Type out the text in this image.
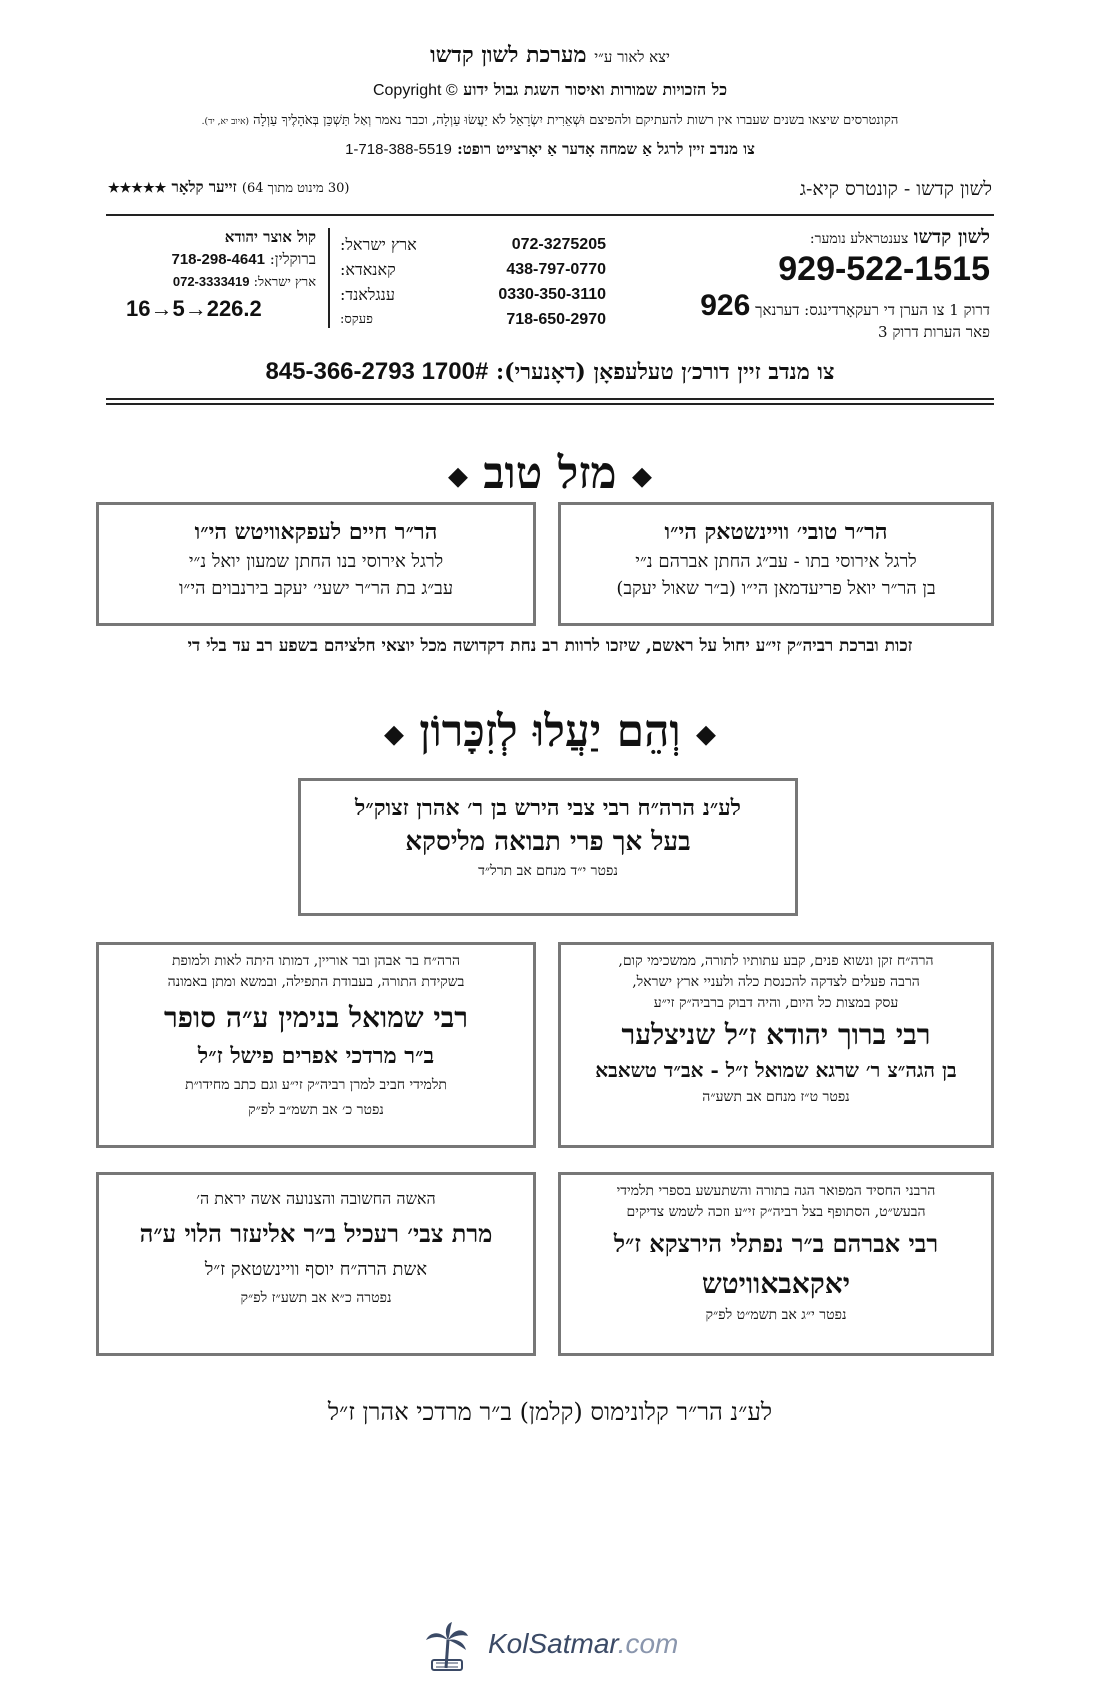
יצא לאור ע״י מערכת לשון קדשו
כל הזכויות שמורות ואיסור השגת גבול ידוע Copyright ©
הקונטרסים שיצאו בשנים שעברו אין רשות להעתיקם ולהפיצם וּשְׁאֵרִית יִשְׂרָאֵל לֹא יַעֲשׂוּ עַוְלָה, וכבר נאמר וְאַל תַּשְׁכֵּן בְּאֹהָלֶיךָ עַוְלָה (איוב יא, יד).
צו מנדב זיין לרגל אַ שמחה אָדער אַ יאָרצייט רופט: 1-718-388-5519
לשון קדשו - קונטרס קיא-ג
(30 מינוט מתוך 64) זייער קלאָר ★★★★★
לשון קדשו צענטראלע נומער:
929-522-1515
דרוק 1 צו הערן די רעקאָרדינגס: דערנאך 926
פאר הערות דרוק 3
ארץ ישראל:	072-3275205
קאנאדא:	438-797-0770
ענגלאנד:	0330-350-3110
פעקס:	718-650-2970
קול אוצר יהודא
ברוקלין: 718-298-4641
ארץ ישראל: 072-3333419
16→5→226.2
צו מנדב זיין דורכ׳ן טעלעפאָן (דאָנערי): 845-366-2793 1700#
◆ מזל טוב ◆
הר״ר טובי׳ וויינשטאק הי״ו
לרגל אירוסי בתו - עב״ג החתן אברהם נ״י
בן הר״ר יואל פריעדמאן הי״ו (ב״ר שאול יעקב)
הר״ר חיים לעפקאוויטש הי״ו
לרגל אירוסי בנו החתן שמעון יואל נ״י
עב״ג בת הר״ר ישעי׳ יעקב בירנבוים הי״ו
זכות וברכת רביה״ק זי״ע יחול על ראשם, שיזכו לרוות רב נחת דקדושה מכל יוצאי חלציהם בשפע רב עד בלי די
◆ וְהֵם יַעֲלוּ לְזִכָּרוֹן ◆
לע״נ הרה״ח רבי צבי הירש בן ר׳ אהרן זצוק״ל
בעל אך פרי תבואה מליסקא
נפטר י״ד מנחם אב תרל״ד
הרה״ח זקן ונשוא פנים, קבע עתותיו לתורה, ממשכימי קום,
הרבה פעלים לצדקה להכנסת כלה ולעניי ארץ ישראל,
עסק במצות כל היום, והיה דבוק ברביה״ק זי״ע
רבי ברוך יהודא ז״ל שניצלער
בן הגה״צ ר׳ שרגא שמואל ז״ל - אב״ד טשאבא
נפטר ט״ז מנחם אב תשע״ה
הרה״ח בר אבהן ובר אוריין, דמותו היתה לאות ולמופת
בשקידת התורה, בעבודת התפילה, ובמשא ומתן באמונה
רבי שמואל בנימין ע״ה סופר
ב״ר מרדכי אפרים פישל ז״ל
תלמידי חביב למרן רביה״ק זי״ע וגם כתב מחידו״ת
נפטר כ׳ אב תשמ״ב לפ״ק
הרבני החסיד המפואר הגה בתורה והשתעשע בספרי תלמידי
הבעש״ט, הסתופף בצל רביה״ק זי״ע וזכה לשמש צדיקים
רבי אברהם ב״ר נפתלי הירצקא ז״ל
יאקאבאוויטש
נפטר י״ג אב תשמ״ט לפ״ק
האשה החשובה והצנועה אשה יראת ה׳
מרת צבי׳ רעכיל ב״ר אליעזר הלוי ע״ה
אשת הרה״ח יוסף וויינשטאק ז״ל
נפטרה כ״א אב תשע״ז לפ״ק
לע״נ הר״ר קלונימוס (קלמן) ב״ר מרדכי אהרן ז״ל
KolSatmar.com
